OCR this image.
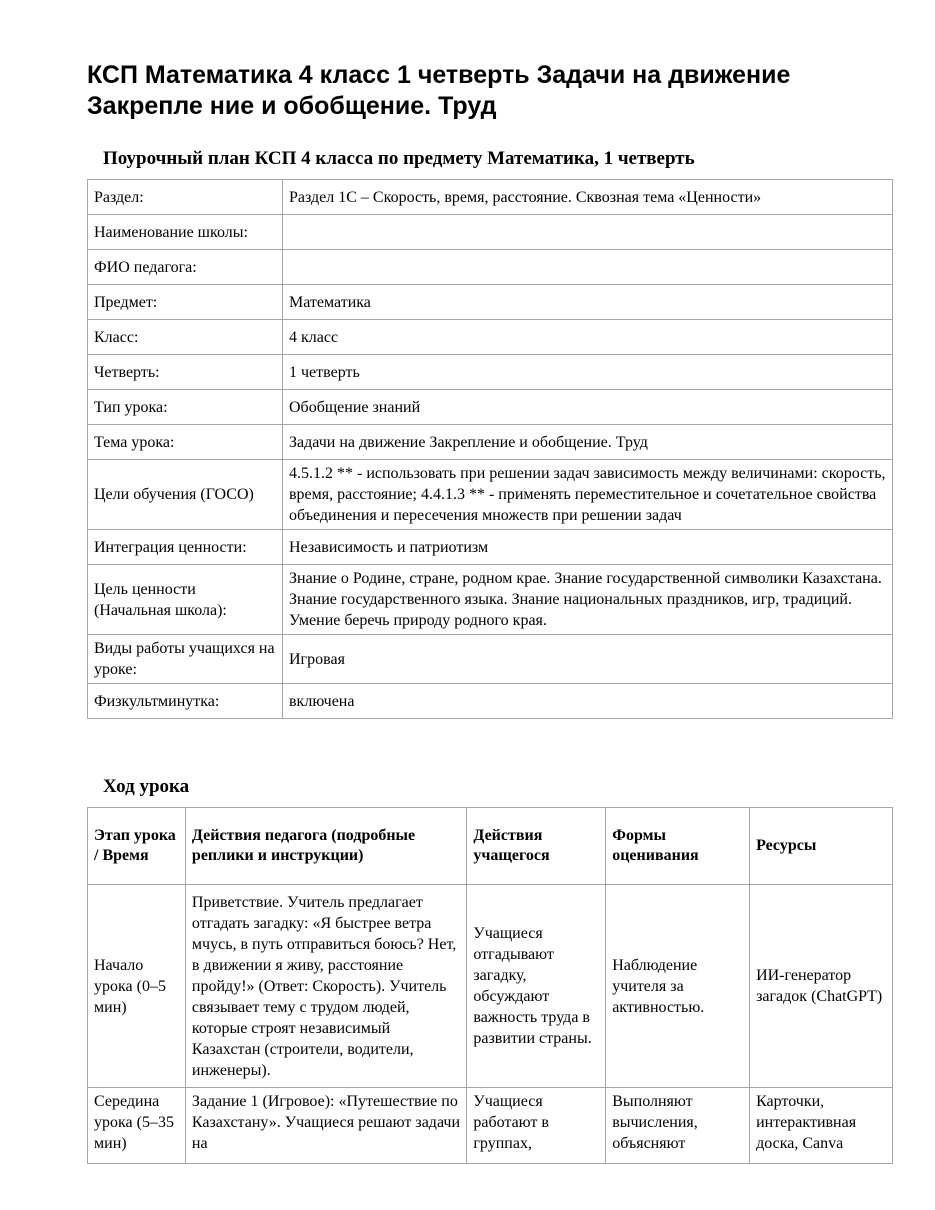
КСП Математика 4 класс 1 четверть Задачи на движение Закрепле ние и обобщение. Труд
Поурочный план КСП 4 класса по предмету Математика, 1 четверть
Раздел:	Раздел 1С – Скорость, время, расстояние. Сквозная тема «Ценности»
Наименование школы:	
ФИО педагога:	
Предмет:	Математика
Класс:	4 класс
Четверть:	1 четверть
Тип урока:	Обобщение знаний
Тема урока:	Задачи на движение Закрепление и обобщение. Труд
Цели обучения (ГОСО)	4.5.1.2 ** - использовать при решении задач зависимость между величинами: скорость, время, расстояние; 4.4.1.3 ** - применять переместительное и сочетательное свойства объединения и пересечения множеств при решении задач
Интеграция ценности:	Независимость и патриотизм
Цель ценности (Начальная школа):	Знание о Родине, стране, родном крае. Знание государственной символики Казахстана. Знание государственного языка. Знание национальных праздников, игр, традиций. Умение беречь природу родного края.
Виды работы учащихся на уроке:	Игровая
Физкультминутка:	включена
Ход урока
Этап урока / Время	Действия педагога (подробные реплики и инструкции)	Действия учащегося	Формы оценивания	Ресурсы
Начало урока (0–5 мин)	Приветствие. Учитель предлагает отгадать загадку: «Я быстрее ветра мчусь, в путь отправиться боюсь? Нет, в движении я живу, расстояние пройду!» (Ответ: Скорость). Учитель связывает тему с трудом людей, которые строят независимый Казахстан (строители, водители, инженеры).	Учащиеся отгадывают загадку, обсуждают важность труда в развитии страны.	Наблюдение учителя за активностью.	ИИ-генератор загадок (ChatGPT)
Середина урока (5–35 мин)	Задание 1 (Игровое): «Путешествие по Казахстану». Учащиеся решают задачи на	Учащиеся работают в группах,	Выполняют вычисления, объясняют	Карточки, интерактивная доска, Canva
